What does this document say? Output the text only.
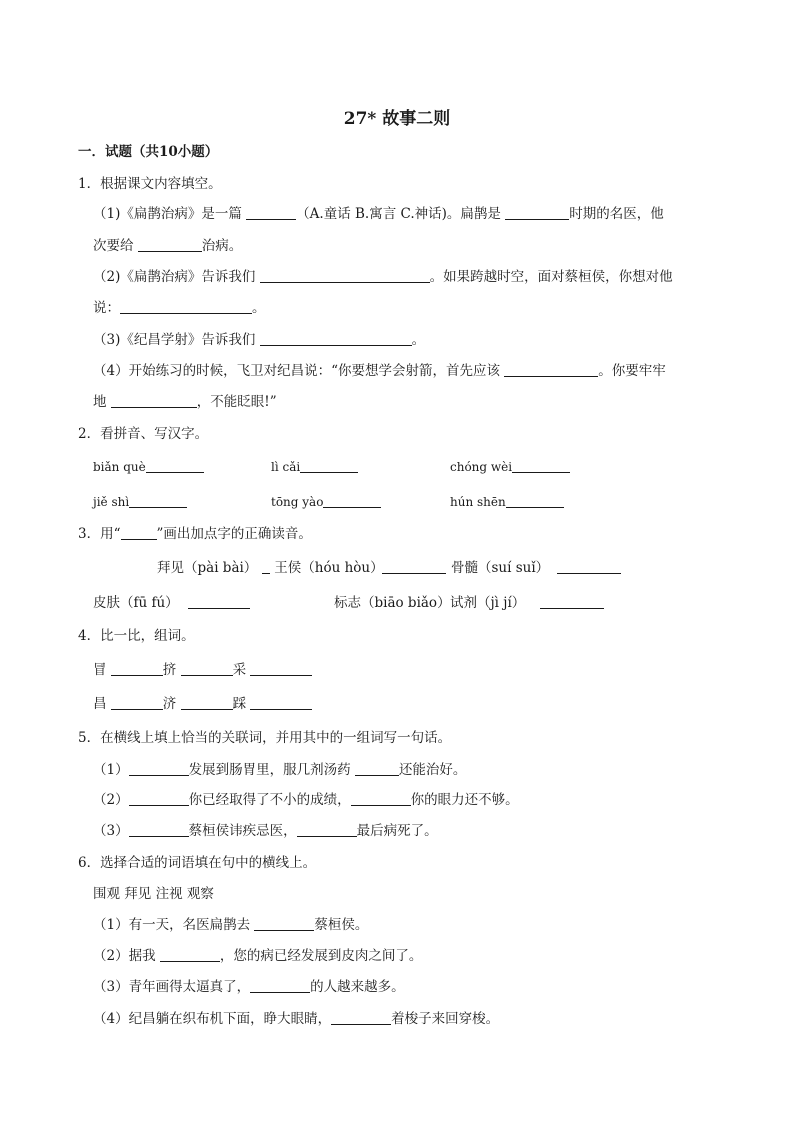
27* 故事二则
一．试题（共10小题）
1．根据课文内容填空。
（1)《扁鹊治病》是一篇	（A.童话 B.寓言 C.神话)。扁鹊是	时期的名医，他
次要给	治病。
（2)《扁鹊治病》告诉我们	。如果跨越时空，面对蔡桓侯，你想对他
说：	。
（3)《纪昌学射》告诉我们	。
（4）开始练习的时候，飞卫对纪昌说：“你要想学会射箭，首先应该	。你要牢牢
地	，不能眨眼!”
2．看拼音、写汉字。
biǎn què	lì cǎi	chóng wèi
jiě shì	tōng yào	hún shēn
3．用“	”画出加点字的正确读音。
拜见（pài bài）	王侯（hóu hòu）	骨髓（suí suǐ）
皮肤（fū fú）	标志（biāo biǎo） 试剂（jì jí）
4．比一比，组词。
冒	挤	采
昌	济	踩
5．在横线上填上恰当的关联词，并用其中的一组词写一句话。
（1）	发展到肠胃里，服几剂汤药	还能治好。
（2）	你已经取得了不小的成绩，	你的眼力还不够。
（3）	蔡桓侯讳疾忌医，	最后病死了。
6．选择合适的词语填在句中的横线上。
围观 拜见 注视 观察
（1）有一天，名医扁鹊去	蔡桓侯。
（2）据我	，您的病已经发展到皮肉之间了。
（3）青年画得太逼真了，	的人越来越多。
（4）纪昌躺在织布机下面，睁大眼睛，	着梭子来回穿梭。
